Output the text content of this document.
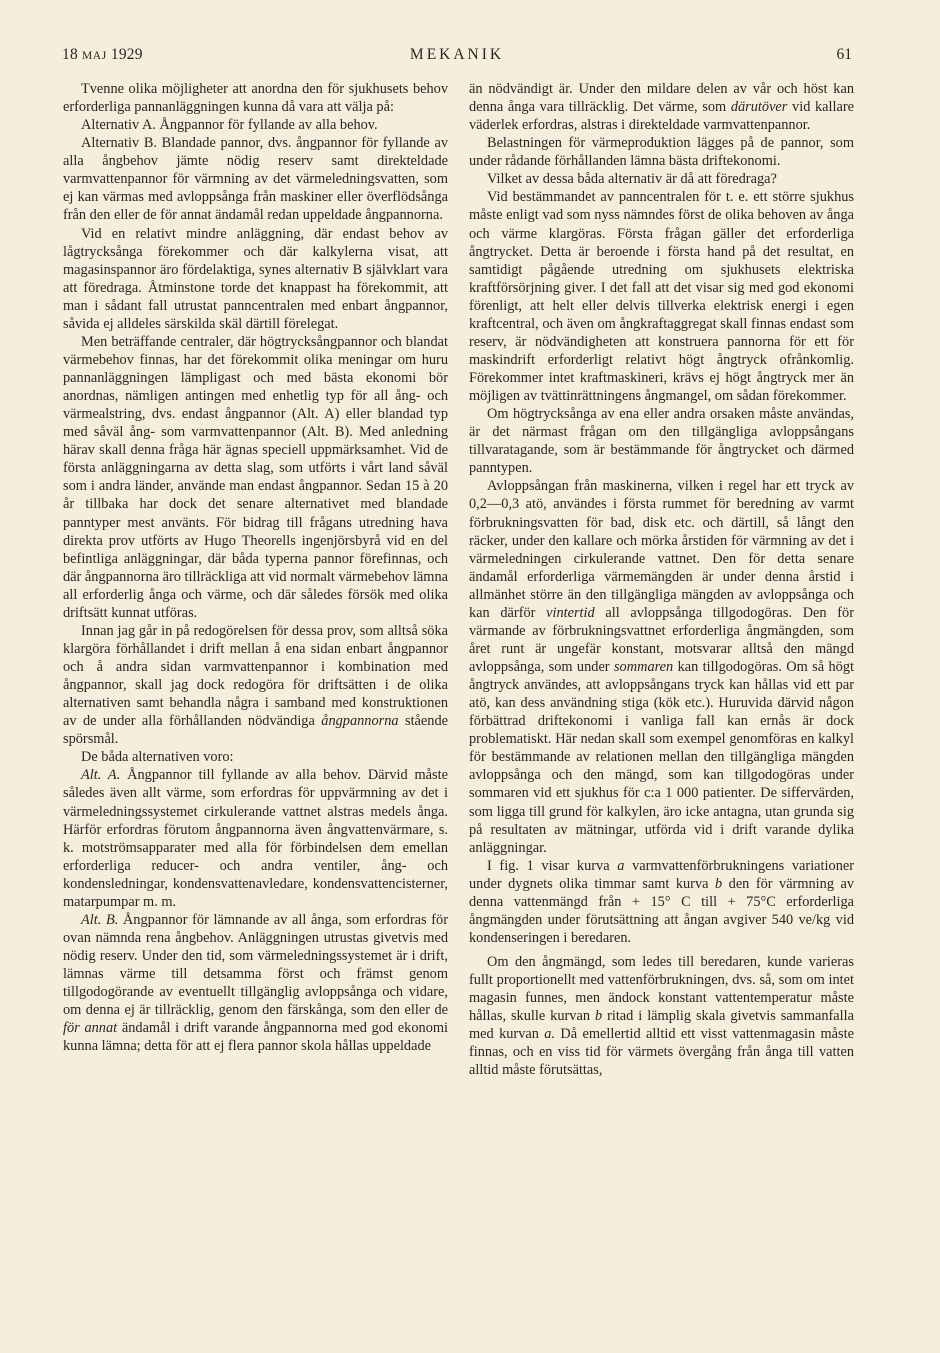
18 MAJ 1929	MEKANIK	61

Tvenne olika möjligheter att anordna den för sjukhusets behov erforderliga pannanläggningen kunna då vara att välja på:

Alternativ A. Ångpannor för fyllande av alla behov.

Alternativ B. Blandade pannor, dvs. ångpannor för fyllande av alla ångbehov jämte nödig reserv samt direkteldade varmvattenpannor för värmning av det värmeledningsvatten, som ej kan värmas med avloppsånga från maskiner eller överflödsånga från den eller de för annat ändamål redan uppeldade ångpannorna.

Vid en relativt mindre anläggning, där endast behov av lågtrycksånga förekommer och där kalkylerna visat, att magasinspannor äro fördelaktiga, synes alternativ B självklart vara att föredraga. Åtminstone torde det knappast ha förekommit, att man i sådant fall utrustat panncentralen med enbart ångpannor, såvida ej alldeles särskilda skäl därtill förelegat.

Men beträffande centraler, där högtrycksångpannor och blandat värmebehov finnas, har det förekommit olika meningar om huru pannanläggningen lämpligast och med bästa ekonomi bör anordnas, nämligen antingen med enhetlig typ för all ång- och värmealstring, dvs. endast ångpannor (Alt. A) eller blandad typ med såväl ång- som varmvattenpannor (Alt. B). Med anledning härav skall denna fråga här ägnas speciell uppmärksamhet. Vid de första anläggningarna av detta slag, som utförts i vårt land såväl som i andra länder, använde man endast ångpannor. Sedan 15 à 20 år tillbaka har dock det senare alternativet med blandade panntyper mest använts. För bidrag till frågans utredning hava direkta prov utförts av Hugo Theorells ingenjörsbyrå vid en del befintliga anläggningar, där båda typerna pannor förefinnas, och där ångpannorna äro tillräckliga att vid normalt värmebehov lämna all erforderlig ånga och värme, och där således försök med olika driftsätt kunnat utföras.

Innan jag går in på redogörelsen för dessa prov, som alltså söka klargöra förhållandet i drift mellan å ena sidan enbart ångpannor och å andra sidan varmvattenpannor i kombination med ångpannor, skall jag dock redogöra för driftsätten i de olika alternativen samt behandla några i samband med konstruktionen av de under alla förhållanden nödvändiga ångpannorna stående spörsmål.

De båda alternativen voro:

Alt. A. Ångpannor till fyllande av alla behov. Därvid måste således även allt värme, som erfordras för uppvärmning av det i värmeledningssystemet cirkulerande vattnet alstras medels ånga. Härför erfordras förutom ångpannorna även ångvattenvärmare, s. k. motströmsapparater med alla för förbindelsen dem emellan erforderliga reducer- och andra ventiler, ång- och kondensledningar, kondensvattenavledare, kondensvattencisterner, matarpumpar m. m.

Alt. B. Ångpannor för lämnande av all ånga, som erfordras för ovan nämnda rena ångbehov. Anläggningen utrustas givetvis med nödig reserv. Under den tid, som värmeledningssystemet är i drift, lämnas värme till detsamma först och främst genom tillgodogörande av eventuellt tillgänglig avloppsånga och vidare, om denna ej är tillräcklig, genom den färskånga, som den eller de för annat ändamål i drift varande ångpannorna med god ekonomi kunna lämna; detta för att ej flera pannor skola hållas uppeldade

än nödvändigt är. Under den mildare delen av vår och höst kan denna ånga vara tillräcklig. Det värme, som därutöver vid kallare väderlek erfordras, alstras i direkteldade varmvattenpannor.

Belastningen för värmeproduktion lägges på de pannor, som under rådande förhållanden lämna bästa driftekonomi.

Vilket av dessa båda alternativ är då att föredraga?

Vid bestämmandet av panncentralen för t. e. ett större sjukhus måste enligt vad som nyss nämndes först de olika behoven av ånga och värme klargöras. Första frågan gäller det erforderliga ångtrycket. Detta är beroende i första hand på det resultat, en samtidigt pågående utredning om sjukhusets elektriska kraftförsörjning giver. I det fall att det visar sig med god ekonomi förenligt, att helt eller delvis tillverka elektrisk energi i egen kraftcentral, och även om ångkraftaggregat skall finnas endast som reserv, är nödvändigheten att konstruera pannorna för ett för maskindrift erforderligt relativt högt ångtryck ofrånkomlig. Förekommer intet kraftmaskineri, krävs ej högt ångtryck mer än möjligen av tvättinrättningens ångmangel, om sådan förekommer.

Om högtrycksånga av ena eller andra orsaken måste användas, är det närmast frågan om den tillgängliga avloppsångans tillvaratagande, som är bestämmande för ångtrycket och därmed panntypen.

Avloppsångan från maskinerna, vilken i regel har ett tryck av 0,2—0,3 atö, användes i första rummet för beredning av varmt förbrukningsvatten för bad, disk etc. och därtill, så långt den räcker, under den kallare och mörka årstiden för värmning av det i värmeledningen cirkulerande vattnet. Den för detta senare ändamål erforderliga värmemängden är under denna årstid i allmänhet större än den tillgängliga mängden av avloppsånga och kan därför vintertid all avloppsånga tillgodogöras. Den för värmande av förbrukningsvattnet erforderliga ångmängden, som året runt är ungefär konstant, motsvarar alltså den mängd avloppsånga, som under sommaren kan tillgodogöras. Om så högt ångtryck användes, att avloppsångans tryck kan hållas vid ett par atö, kan dess användning stiga (kök etc.). Huruvida därvid någon förbättrad driftekonomi i vanliga fall kan ernås är dock problematiskt. Här nedan skall som exempel genomföras en kalkyl för bestämmande av relationen mellan den tillgängliga mängden avloppsånga och den mängd, som kan tillgodogöras under sommaren vid ett sjukhus för c:a 1 000 patienter. De siffervärden, som ligga till grund för kalkylen, äro icke antagna, utan grunda sig på resultaten av mätningar, utförda vid i drift varande dylika anläggningar.

I fig. 1 visar kurva a varmvattenförbrukningens variationer under dygnets olika timmar samt kurva b den för värmning av denna vattenmängd från + 15° C till + 75°C erforderliga ångmängden under förutsättning att ångan avgiver 540 ve/kg vid kondenseringen i beredaren.

Om den ångmängd, som ledes till beredaren, kunde varieras fullt proportionellt med vattenförbrukningen, dvs. så, som om intet magasin funnes, men ändock konstant vattentemperatur måste hållas, skulle kurvan b ritad i lämplig skala givetvis sammanfalla med kurvan a. Då emellertid alltid ett visst vattenmagasin måste finnas, och en viss tid för värmets övergång från ånga till vatten alltid måste förutsättas,
